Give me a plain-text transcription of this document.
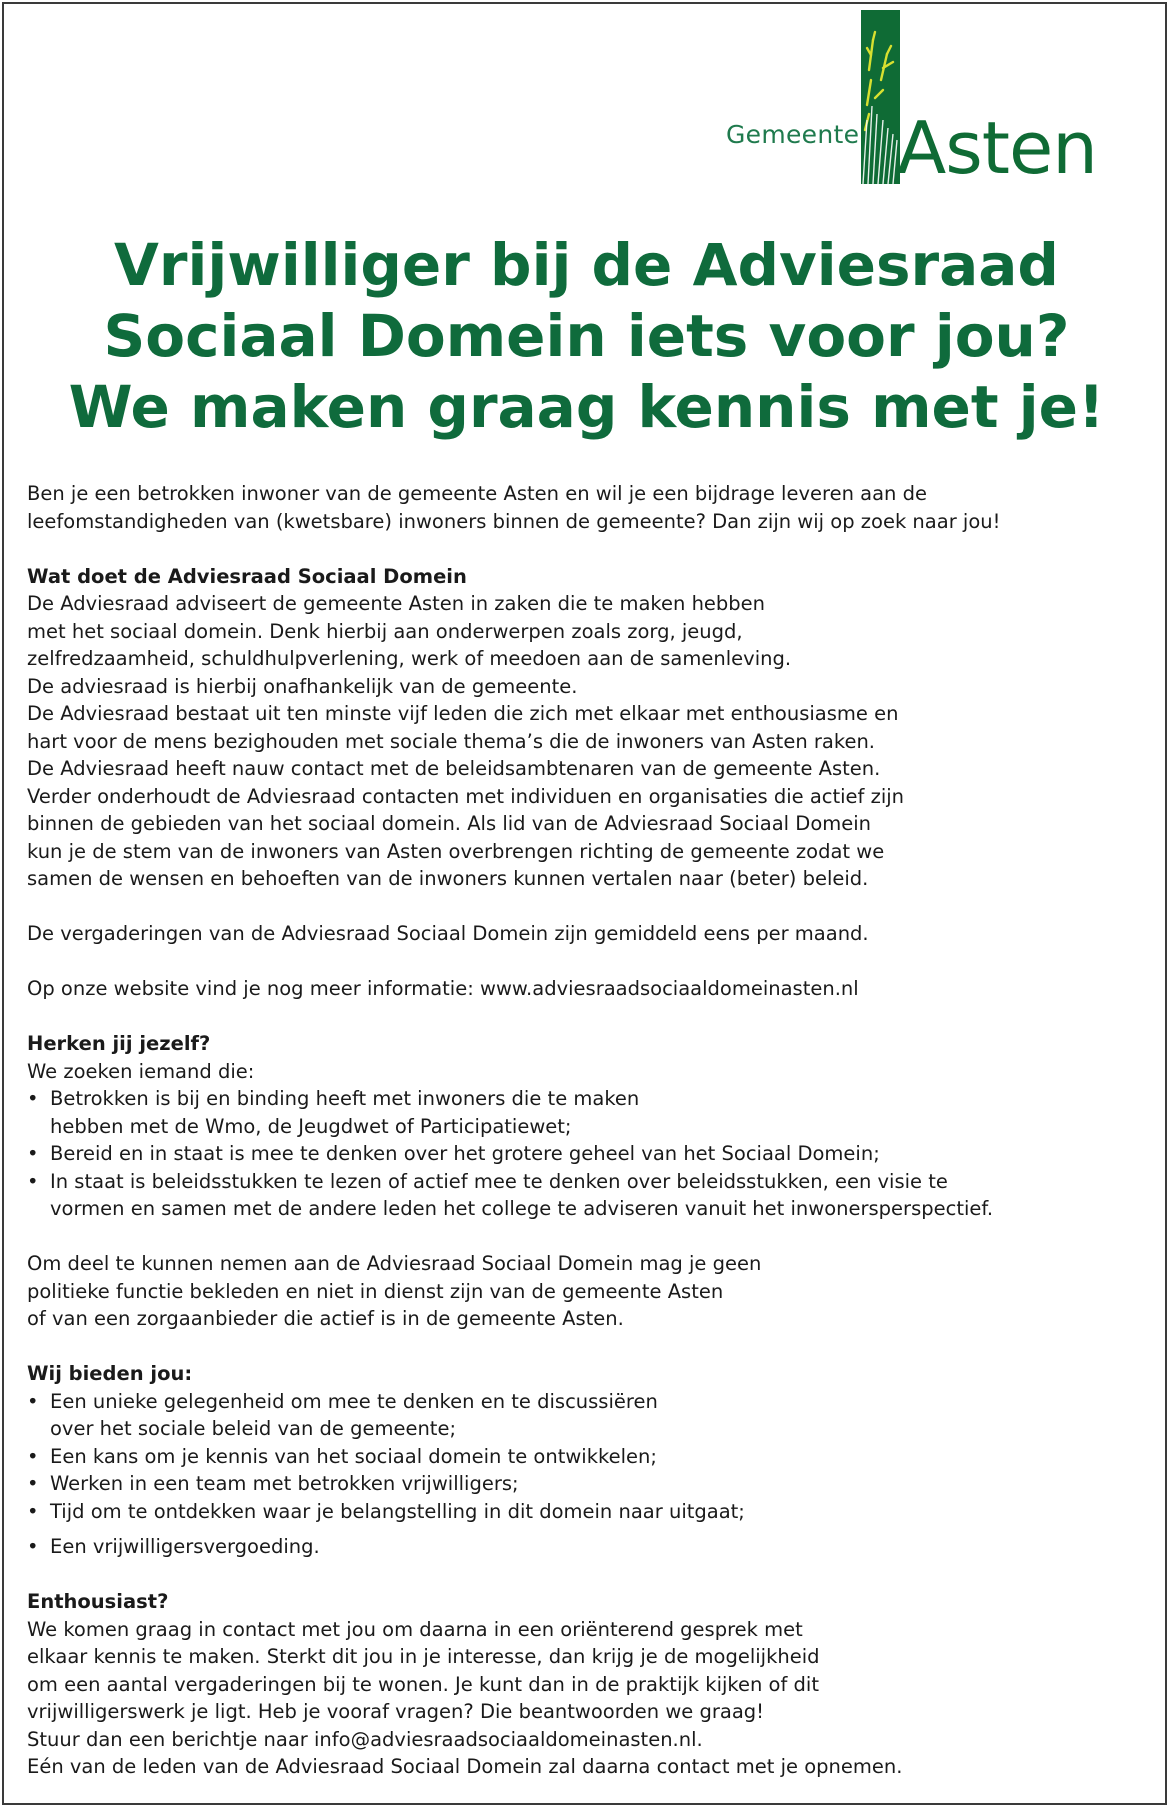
Gemeente Asten
Vrijwilliger bij de Adviesraad
Sociaal Domein iets voor jou?
We maken graag kennis met je!

Ben je een betrokken inwoner van de gemeente Asten en wil je een bijdrage leveren aan de

leefomstandigheden van (kwetsbare) inwoners binnen de gemeente? Dan zijn wij op zoek naar jou!

Wat doet de Adviesraad Sociaal Domein

De Adviesraad adviseert de gemeente Asten in zaken die te maken hebben

met het sociaal domein. Denk hierbij aan onderwerpen zoals zorg, jeugd,

zelfredzaamheid, schuldhulpverlening, werk of meedoen aan de samenleving.

De adviesraad is hierbij onafhankelijk van de gemeente.

De Adviesraad bestaat uit ten minste vijf leden die zich met elkaar met enthousiasme en

hart voor de mens bezighouden met sociale thema’s die de inwoners van Asten raken.

De Adviesraad heeft nauw contact met de beleidsambtenaren van de gemeente Asten.

Verder onderhoudt de Adviesraad contacten met individuen en organisaties die actief zijn

binnen de gebieden van het sociaal domein. Als lid van de Adviesraad Sociaal Domein

kun je de stem van de inwoners van Asten overbrengen richting de gemeente zodat we

samen de wensen en behoeften van de inwoners kunnen vertalen naar (beter) beleid.

De vergaderingen van de Adviesraad Sociaal Domein zijn gemiddeld eens per maand.

Op onze website vind je nog meer informatie: www.adviesraadsociaaldomeinasten.nl

Herken jij jezelf?

We zoeken iemand die:

• Betrokken is bij en binding heeft met inwoners die te maken
hebben met de Wmo, de Jeugdwet of Participatiewet;
• Bereid en in staat is mee te denken over het grotere geheel van het Sociaal Domein;
• In staat is beleidsstukken te lezen of actief mee te denken over beleidsstukken, een visie te
vormen en samen met de andere leden het college te adviseren vanuit het inwonersperspectief.

Om deel te kunnen nemen aan de Adviesraad Sociaal Domein mag je geen

politieke functie bekleden en niet in dienst zijn van de gemeente Asten

of van een zorgaanbieder die actief is in de gemeente Asten.

Wij bieden jou:
• Een unieke gelegenheid om mee te denken en te discussiëren
over het sociale beleid van de gemeente;
• Een kans om je kennis van het sociaal domein te ontwikkelen;
• Werken in een team met betrokken vrijwilligers;
• Tijd om te ontdekken waar je belangstelling in dit domein naar uitgaat;
• Een vrijwilligersvergoeding.
Enthousiast?

We komen graag in contact met jou om daarna in een oriënterend gesprek met

elkaar kennis te maken. Sterkt dit jou in je interesse, dan krijg je de mogelijkheid

om een aantal vergaderingen bij te wonen. Je kunt dan in de praktijk kijken of dit

vrijwilligerswerk je ligt. Heb je vooraf vragen? Die beantwoorden we graag!

Stuur dan een berichtje naar info@adviesraadsociaaldomeinasten.nl.

Eén van de leden van de Adviesraad Sociaal Domein zal daarna contact met je opnemen.
